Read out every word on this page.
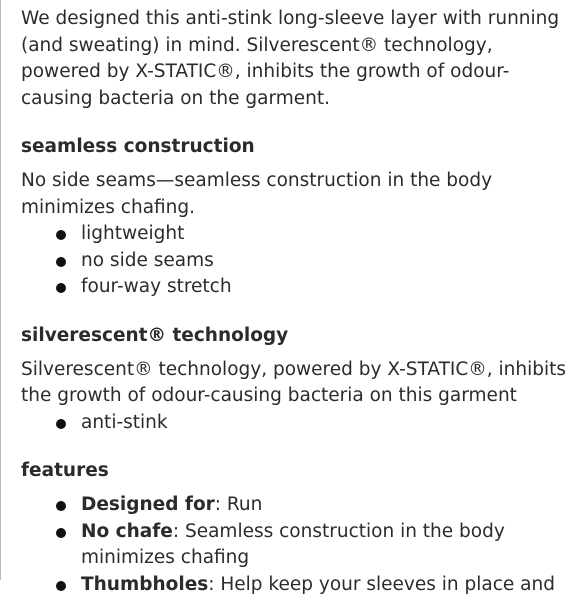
We designed this anti-stink long-sleeve layer with running (and sweating) in mind. Silverescent® technology, powered by X-STATIC®, inhibits the growth of odour-causing bacteria on the garment.

seamless construction

No side seams—seamless construction in the body minimizes chafing.

lightweight
no side seams
four-way stretch
silverescent® technology

Silverescent® technology, powered by X-STATIC®, inhibits the growth of odour-causing bacteria on this garment

anti-stink
features
Designed for: Run
No chafe: Seamless construction in the body minimizes chafing
Thumbholes: Help keep your sleeves in place and
